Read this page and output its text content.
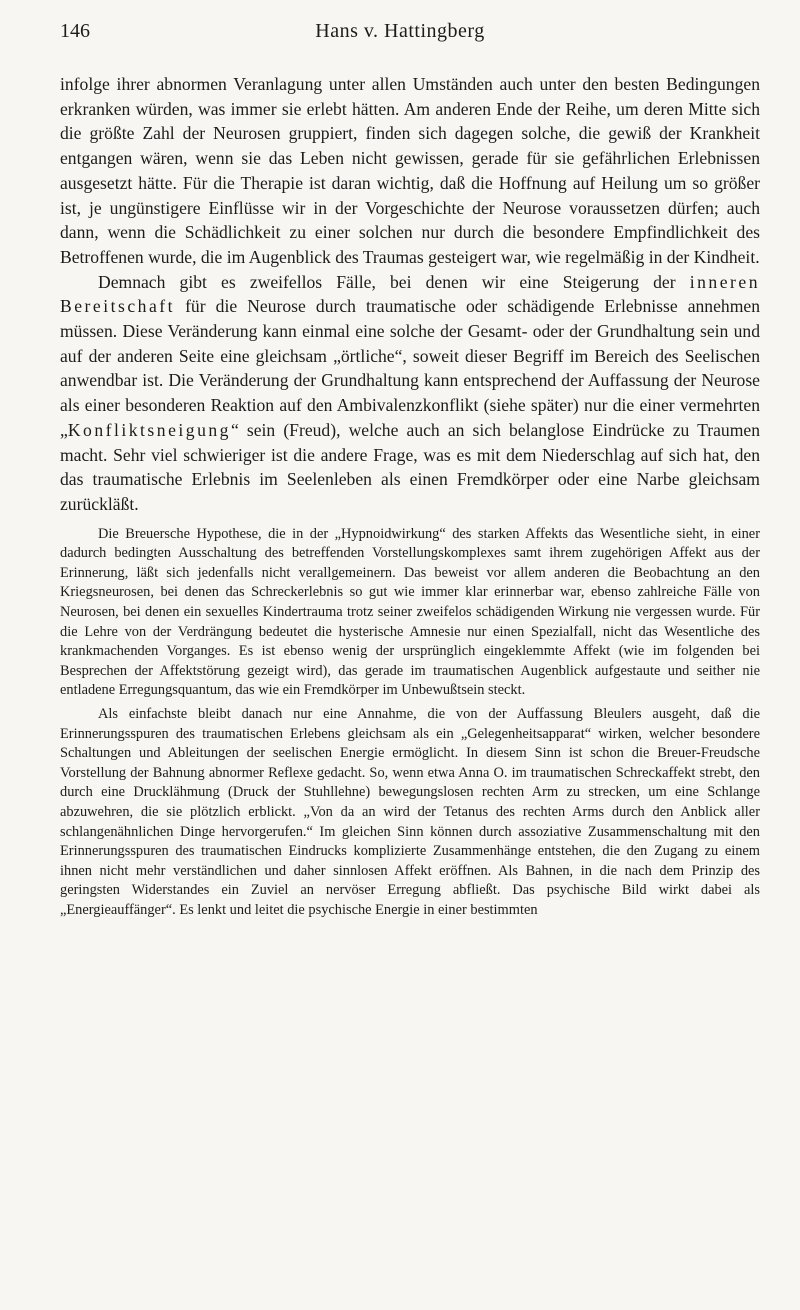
146	Hans v. Hattingberg

infolge ihrer abnormen Veranlagung unter allen Umständen auch unter den besten Bedingungen erkranken würden, was immer sie erlebt hätten. Am anderen Ende der Reihe, um deren Mitte sich die größte Zahl der Neurosen gruppiert, finden sich dagegen solche, die gewiß der Krankheit entgangen wären, wenn sie das Leben nicht gewissen, gerade für sie gefährlichen Erlebnissen ausgesetzt hätte. Für die Therapie ist daran wichtig, daß die Hoffnung auf Heilung um so größer ist, je ungünstigere Einflüsse wir in der Vorgeschichte der Neurose voraussetzen dürfen; auch dann, wenn die Schädlichkeit zu einer solchen nur durch die besondere Empfindlichkeit des Betroffenen wurde, die im Augenblick des Traumas gesteigert war, wie regelmäßig in der Kindheit.

Demnach gibt es zweifellos Fälle, bei denen wir eine Steigerung der inneren Bereitschaft für die Neurose durch traumatische oder schädigende Erlebnisse annehmen müssen. Diese Veränderung kann einmal eine solche der Gesamt- oder der Grundhaltung sein und auf der anderen Seite eine gleichsam „örtliche“, soweit dieser Begriff im Bereich des Seelischen anwendbar ist. Die Veränderung der Grundhaltung kann entsprechend der Auffassung der Neurose als einer besonderen Reaktion auf den Ambivalenzkonflikt (siehe später) nur die einer vermehrten „Konfliktsneigung“ sein (Freud), welche auch an sich belanglose Eindrücke zu Traumen macht. Sehr viel schwieriger ist die andere Frage, was es mit dem Niederschlag auf sich hat, den das traumatische Erlebnis im Seelenleben als einen Fremdkörper oder eine Narbe gleichsam zurückläßt.

Die Breuersche Hypothese, die in der „Hypnoidwirkung“ des starken Affekts das Wesentliche sieht, in einer dadurch bedingten Ausschaltung des betreffenden Vorstellungskomplexes samt ihrem zugehörigen Affekt aus der Erinnerung, läßt sich jedenfalls nicht verallgemeinern. Das beweist vor allem anderen die Beobachtung an den Kriegsneurosen, bei denen das Schreckerlebnis so gut wie immer klar erinnerbar war, ebenso zahlreiche Fälle von Neurosen, bei denen ein sexuelles Kindertrauma trotz seiner zweifelos schädigenden Wirkung nie vergessen wurde. Für die Lehre von der Verdrängung bedeutet die hysterische Amnesie nur einen Spezialfall, nicht das Wesentliche des krankmachenden Vorganges. Es ist ebenso wenig der ursprünglich eingeklemmte Affekt (wie im folgenden bei Besprechen der Affektstörung gezeigt wird), das gerade im traumatischen Augenblick aufgestaute und seither nie entladene Erregungsquantum, das wie ein Fremdkörper im Unbewußtsein steckt.

Als einfachste bleibt danach nur eine Annahme, die von der Auffassung Bleulers ausgeht, daß die Erinnerungsspuren des traumatischen Erlebens gleichsam als ein „Gelegenheitsapparat“ wirken, welcher besondere Schaltungen und Ableitungen der seelischen Energie ermöglicht. In diesem Sinn ist schon die Breuer-Freudsche Vorstellung der Bahnung abnormer Reflexe gedacht. So, wenn etwa Anna O. im traumatischen Schreckaffekt strebt, den durch eine Drucklähmung (Druck der Stuhllehne) bewegungslosen rechten Arm zu strecken, um eine Schlange abzuwehren, die sie plötzlich erblickt. „Von da an wird der Tetanus des rechten Arms durch den Anblick aller schlangenähnlichen Dinge hervorgerufen.“ Im gleichen Sinn können durch assoziative Zusammenschaltung mit den Erinnerungsspuren des traumatischen Eindrucks komplizierte Zusammenhänge entstehen, die den Zugang zu einem ihnen nicht mehr verständlichen und daher sinnlosen Affekt eröffnen. Als Bahnen, in die nach dem Prinzip des geringsten Widerstandes ein Zuviel an nervöser Erregung abfließt. Das psychische Bild wirkt dabei als „Energieauffänger“. Es lenkt und leitet die psychische Energie in einer bestimmten
